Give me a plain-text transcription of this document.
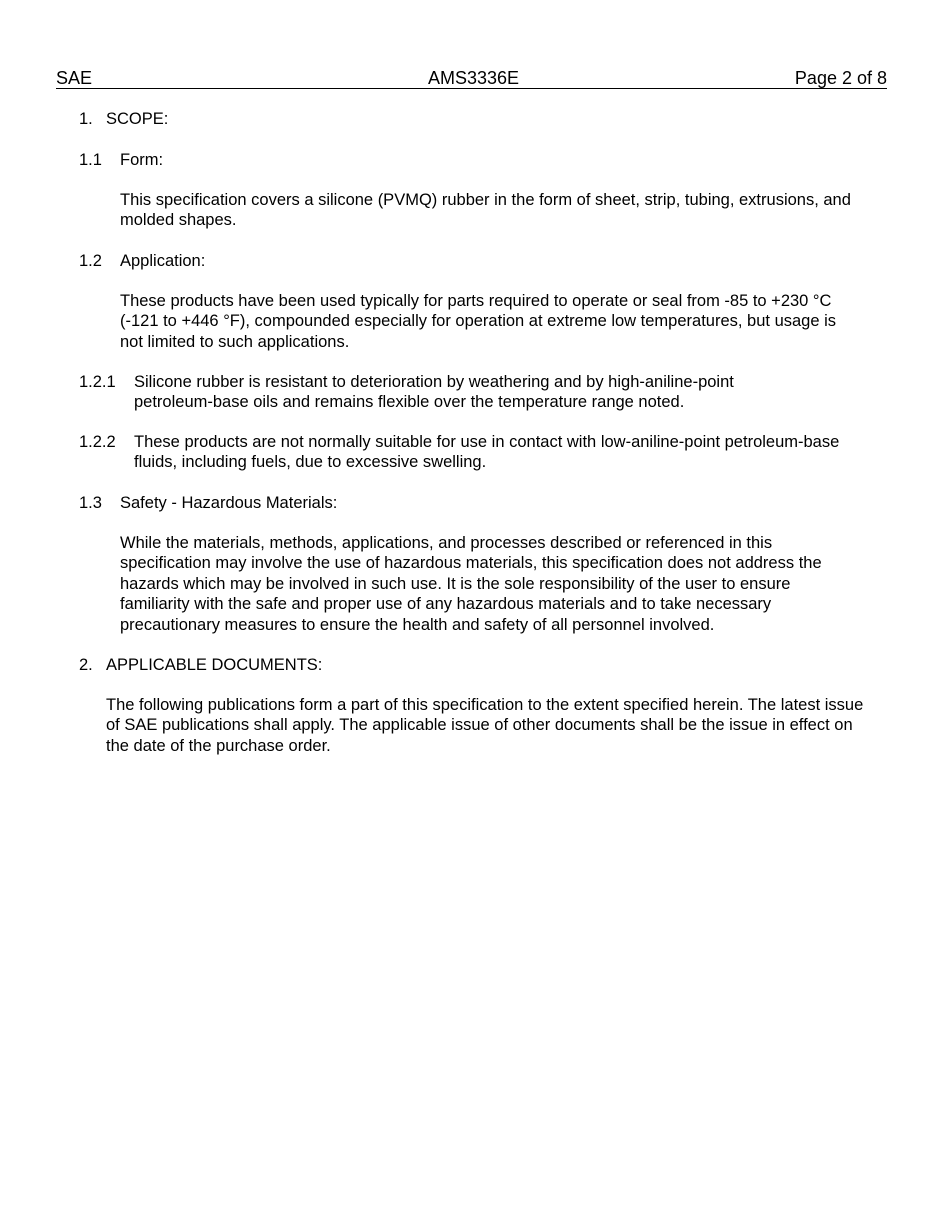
SAE	AMS3336E	Page 2 of 8
1. SCOPE:
1.1 Form:
This specification covers a silicone (PVMQ) rubber in the form of sheet, strip, tubing, extrusions, and molded shapes.
1.2 Application:
These products have been used typically for parts required to operate or seal from -85 to +230 °C
(-121 to +446 °F), compounded especially for operation at extreme low temperatures, but usage is
not limited to such applications.
1.2.1 Silicone rubber is resistant to deterioration by weathering and by high-aniline-point petroleum-base oils and remains flexible over the temperature range noted.
1.2.2 These products are not normally suitable for use in contact with low-aniline-point petroleum-base fluids, including fuels, due to excessive swelling.
1.3 Safety - Hazardous Materials:
While the materials, methods, applications, and processes described or referenced in this specification may involve the use of hazardous materials, this specification does not address the hazards which may be involved in such use. It is the sole responsibility of the user to ensure familiarity with the safe and proper use of any hazardous materials and to take necessary precautionary measures to ensure the health and safety of all personnel involved.
2. APPLICABLE DOCUMENTS:
The following publications form a part of this specification to the extent specified herein. The latest issue of SAE publications shall apply. The applicable issue of other documents shall be the issue in effect on the date of the purchase order.
